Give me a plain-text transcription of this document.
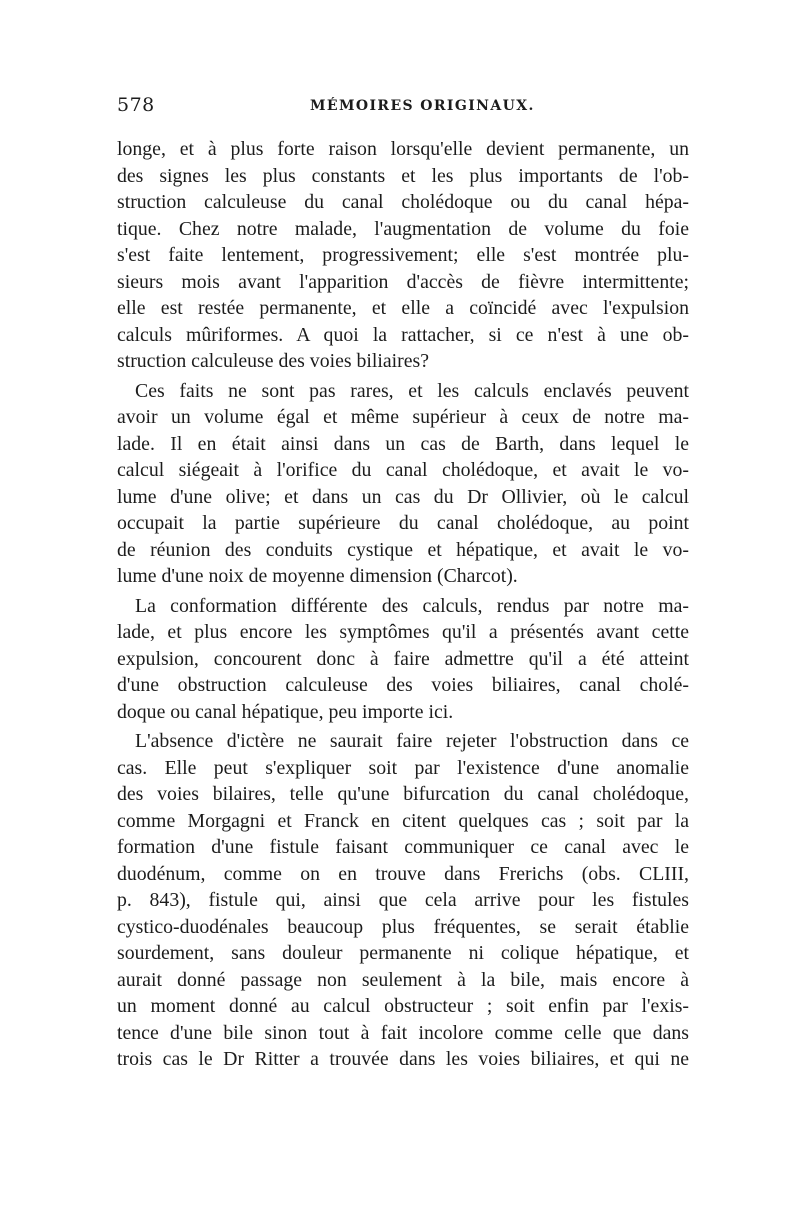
578	MÉMOIRES ORIGINAUX.
longe, et à plus forte raison lorsqu'elle devient permanente, un
des signes les plus constants et les plus importants de l'ob-
struction calculeuse du canal cholédoque ou du canal hépa-
tique. Chez notre malade, l'augmentation de volume du foie
s'est faite lentement, progressivement; elle s'est montrée plu-
sieurs mois avant l'apparition d'accès de fièvre intermittente;
elle est restée permanente, et elle a coïncidé avec l'expulsion
calculs mûriformes. A quoi la rattacher, si ce n'est à une ob-
struction calculeuse des voies biliaires?
Ces faits ne sont pas rares, et les calculs enclavés peuvent
avoir un volume égal et même supérieur à ceux de notre ma-
lade. Il en était ainsi dans un cas de Barth, dans lequel le
calcul siégeait à l'orifice du canal cholédoque, et avait le vo-
lume d'une olive; et dans un cas du Dr Ollivier, où le calcul
occupait la partie supérieure du canal cholédoque, au point
de réunion des conduits cystique et hépatique, et avait le vo-
lume d'une noix de moyenne dimension (Charcot).
La conformation différente des calculs, rendus par notre ma-
lade, et plus encore les symptômes qu'il a présentés avant cette
expulsion, concourent donc à faire admettre qu'il a été atteint
d'une obstruction calculeuse des voies biliaires, canal cholé-
doque ou canal hépatique, peu importe ici.
L'absence d'ictère ne saurait faire rejeter l'obstruction dans ce
cas. Elle peut s'expliquer soit par l'existence d'une anomalie
des voies bilaires, telle qu'une bifurcation du canal cholédoque,
comme Morgagni et Franck en citent quelques cas ; soit par la
formation d'une fistule faisant communiquer ce canal avec le
duodénum, comme on en trouve dans Frerichs (obs. CLIII,
p. 843), fistule qui, ainsi que cela arrive pour les fistules
cystico-duodénales beaucoup plus fréquentes, se serait établie
sourdement, sans douleur permanente ni colique hépatique, et
aurait donné passage non seulement à la bile, mais encore à
un moment donné au calcul obstructeur ; soit enfin par l'exis-
tence d'une bile sinon tout à fait incolore comme celle que dans
trois cas le Dr Ritter a trouvée dans les voies biliaires, et qui ne
